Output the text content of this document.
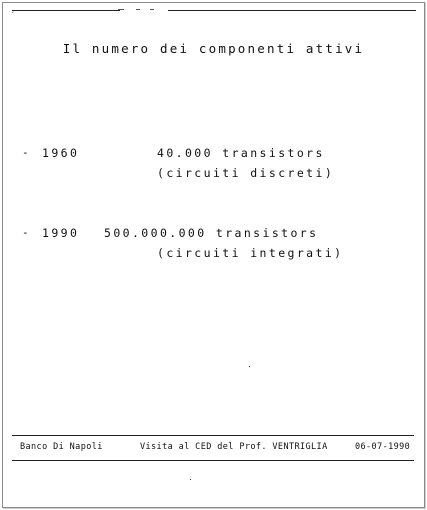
´
Il numero dei componenti attivi
- 1960	40.000 transistors
(circuiti discreti)
- 1990 500.000.000 transistors
(circuiti integrati)
Banco Di Napoli	Visita al CED del Prof. VENTRIGLIA	06-07-1990
